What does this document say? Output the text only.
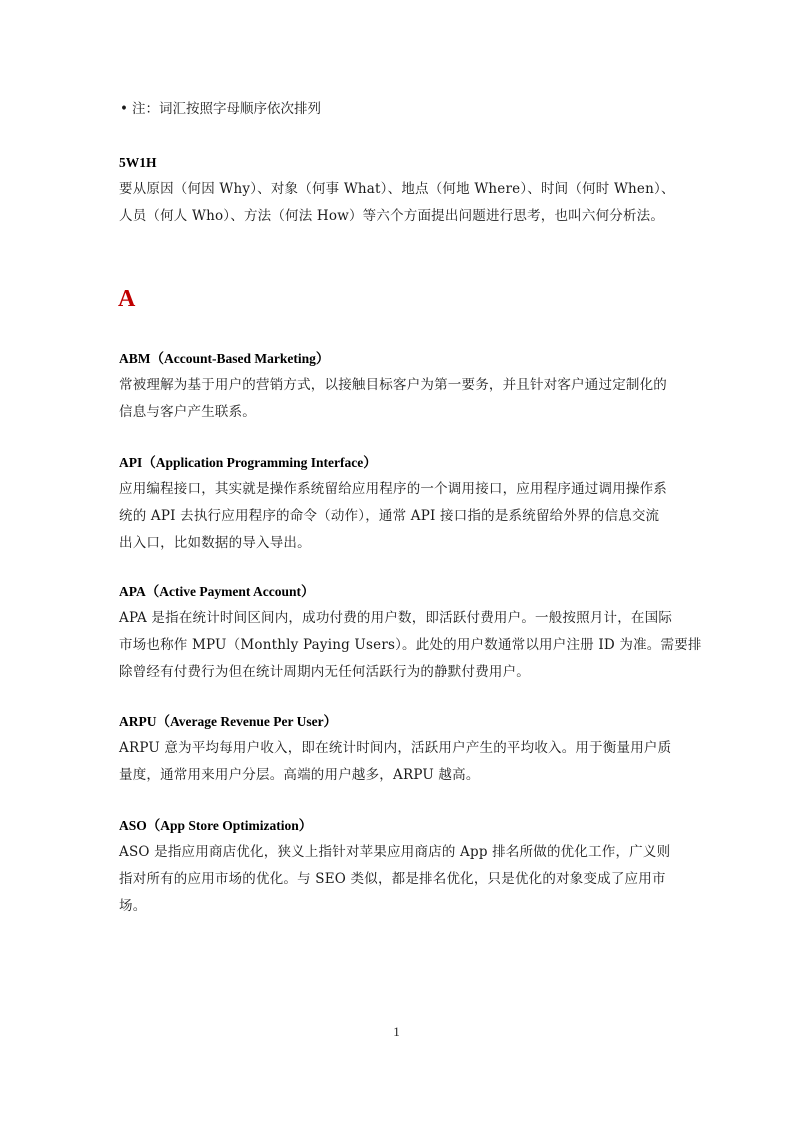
• 注：词汇按照字母顺序依次排列
5W1H
要从原因（何因 Why）、对象（何事 What）、地点（何地 Where）、时间（何时 When）、
人员（何人 Who）、方法（何法 How）等六个方面提出问题进行思考，也叫六何分析法。
A
ABM（Account-Based Marketing）
常被理解为基于用户的营销方式，以接触目标客户为第一要务，并且针对客户通过定制化的
信息与客户产生联系。
API（Application Programming Interface）
应用编程接口，其实就是操作系统留给应用程序的一个调用接口，应用程序通过调用操作系
统的 API 去执行应用程序的命令（动作），通常 API 接口指的是系统留给外界的信息交流
出入口，比如数据的导入导出。
APA（Active Payment Account）
APA 是指在统计时间区间内，成功付费的用户数，即活跃付费用户。一般按照月计，在国际
市场也称作 MPU（Monthly Paying Users）。此处的用户数通常以用户注册 ID 为准。需要排
除曾经有付费行为但在统计周期内无任何活跃行为的静默付费用户。
ARPU（Average Revenue Per User）
ARPU 意为平均每用户收入，即在统计时间内，活跃用户产生的平均收入。用于衡量用户质
量度，通常用来用户分层。高端的用户越多，ARPU 越高。
ASO（App Store Optimization）
ASO 是指应用商店优化，狭义上指针对苹果应用商店的 App 排名所做的优化工作，广义则
指对所有的应用市场的优化。与 SEO 类似，都是排名优化，只是优化的对象变成了应用市
场。
1
